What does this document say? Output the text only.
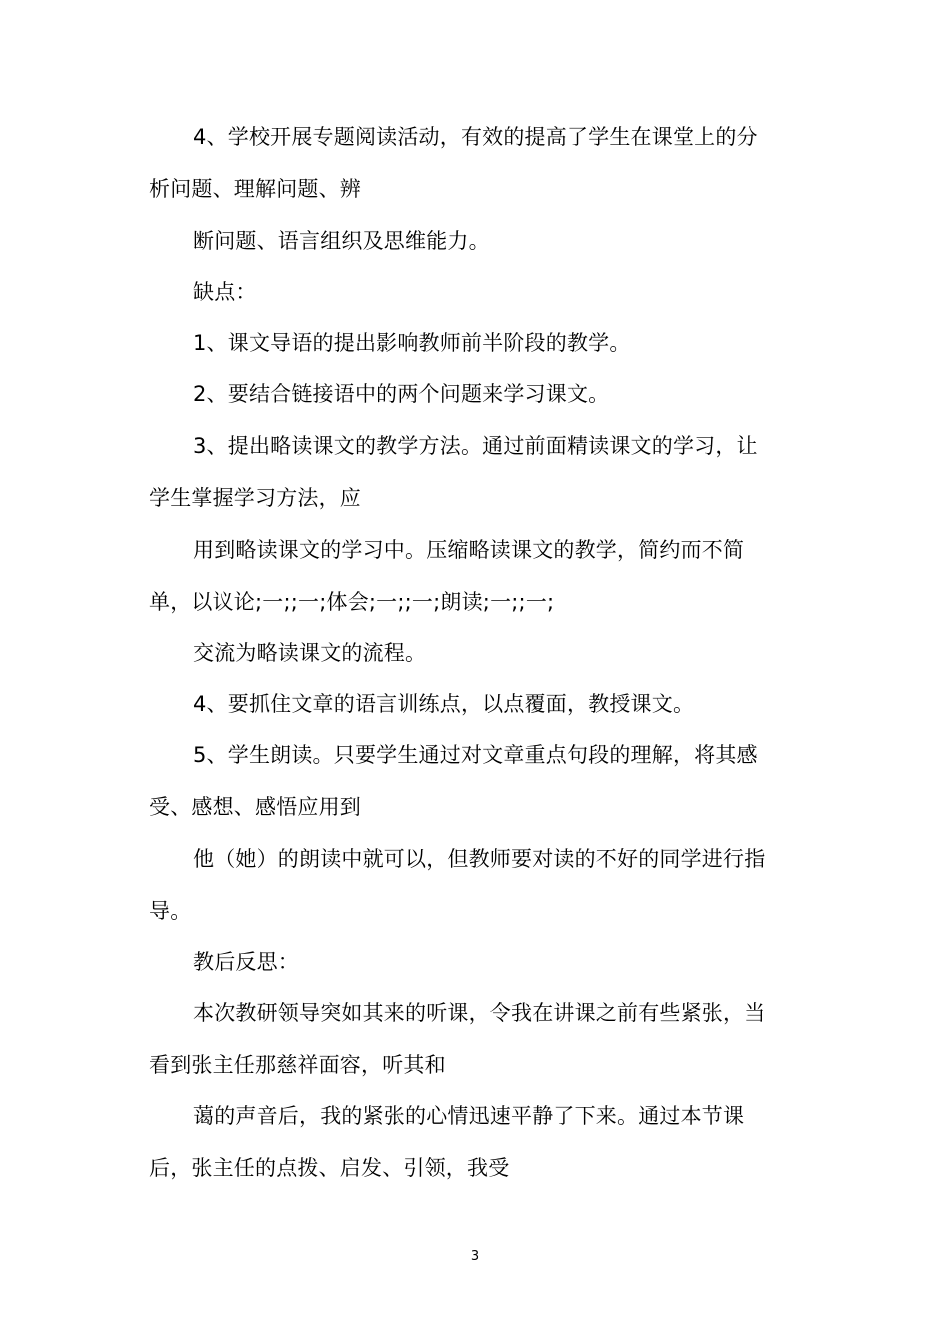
4、学校开展专题阅读活动，有效的提高了学生在课堂上的分
析问题、理解问题、辨
断问题、语言组织及思维能力。
缺点：
1、课文导语的提出影响教师前半阶段的教学。
2、要结合链接语中的两个问题来学习课文。
3、提出略读课文的教学方法。通过前面精读课文的学习，让
学生掌握学习方法，应
用到略读课文的学习中。压缩略读课文的教学，简约而不简
单，以议论;一;;一;体会;一;;一;朗读;一;;一;
交流为略读课文的流程。
4、要抓住文章的语言训练点，以点覆面，教授课文。
5、学生朗读。只要学生通过对文章重点句段的理解，将其感
受、感想、感悟应用到
他（她）的朗读中就可以，但教师要对读的不好的同学进行指
导。
教后反思：
本次教研领导突如其来的听课，令我在讲课之前有些紧张，当
看到张主任那慈祥面容，听其和
蔼的声音后，我的紧张的心情迅速平静了下来。通过本节课
后，张主任的点拨、启发、引领，我受
3
